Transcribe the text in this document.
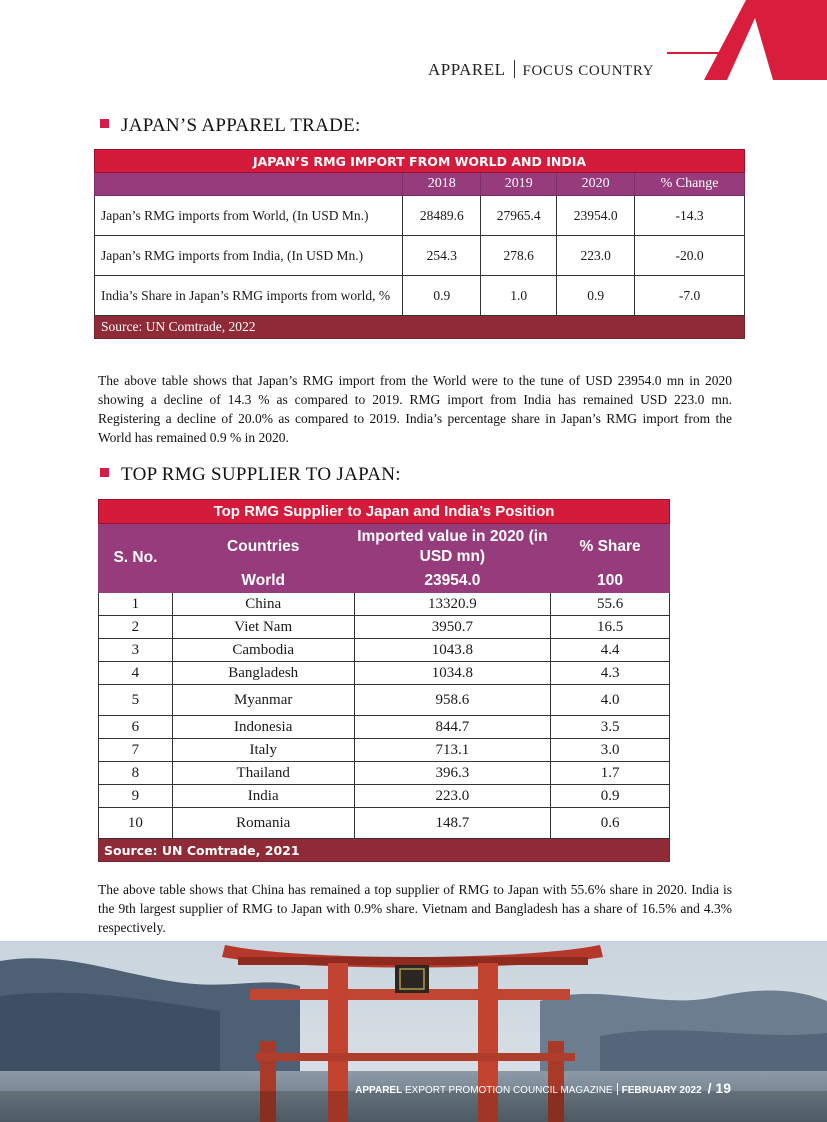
APPAREL FOCUS COUNTRY
JAPAN’S APPAREL TRADE:
JAPAN’S RMG IMPORT FROM WORLD AND INDIA				
	2018	2019	2020	% Change
Japan’s RMG imports from World, (In USD Mn.)	28489.6	27965.4	23954.0	-14.3
Japan’s RMG imports from India, (In USD Mn.)	254.3	278.6	223.0	-20.0
India’s Share in Japan’s RMG imports from world, %	0.9	1.0	0.9	-7.0
Source: UN Comtrade, 2022				
The above table shows that Japan’s RMG import from the World were to the tune of USD 23954.0 mn in 2020 showing a decline of 14.3 % as compared to 2019. RMG import from India has remained USD 223.0 mn. Registering a decline of 20.0% as compared to 2019. India’s percentage share in Japan’s RMG import from the World has remained 0.9 % in 2020.
TOP RMG SUPPLIER TO JAPAN:
Top RMG Supplier to Japan and India’s Position			
S. No.	Countries	Imported value in 2020 (in USD mn)	% Share
	World	23954.0	100
1	China	13320.9	55.6
2	Viet Nam	3950.7	16.5
3	Cambodia	1043.8	4.4
4	Bangladesh	1034.8	4.3
5	Myanmar	958.6	4.0
6	Indonesia	844.7	3.5
7	Italy	713.1	3.0
8	Thailand	396.3	1.7
9	India	223.0	0.9
10	Romania	148.7	0.6
Source: UN Comtrade, 2021			
The above table shows that China has remained a top supplier of RMG to Japan with 55.6% share in 2020. India is the 9th largest supplier of RMG to Japan with 0.9% share. Vietnam and Bangladesh has a share of 16.5% and 4.3% respectively.
APPAREL EXPORT PROMOTION COUNCIL MAGAZINE FEBRUARY 2022 / 19
